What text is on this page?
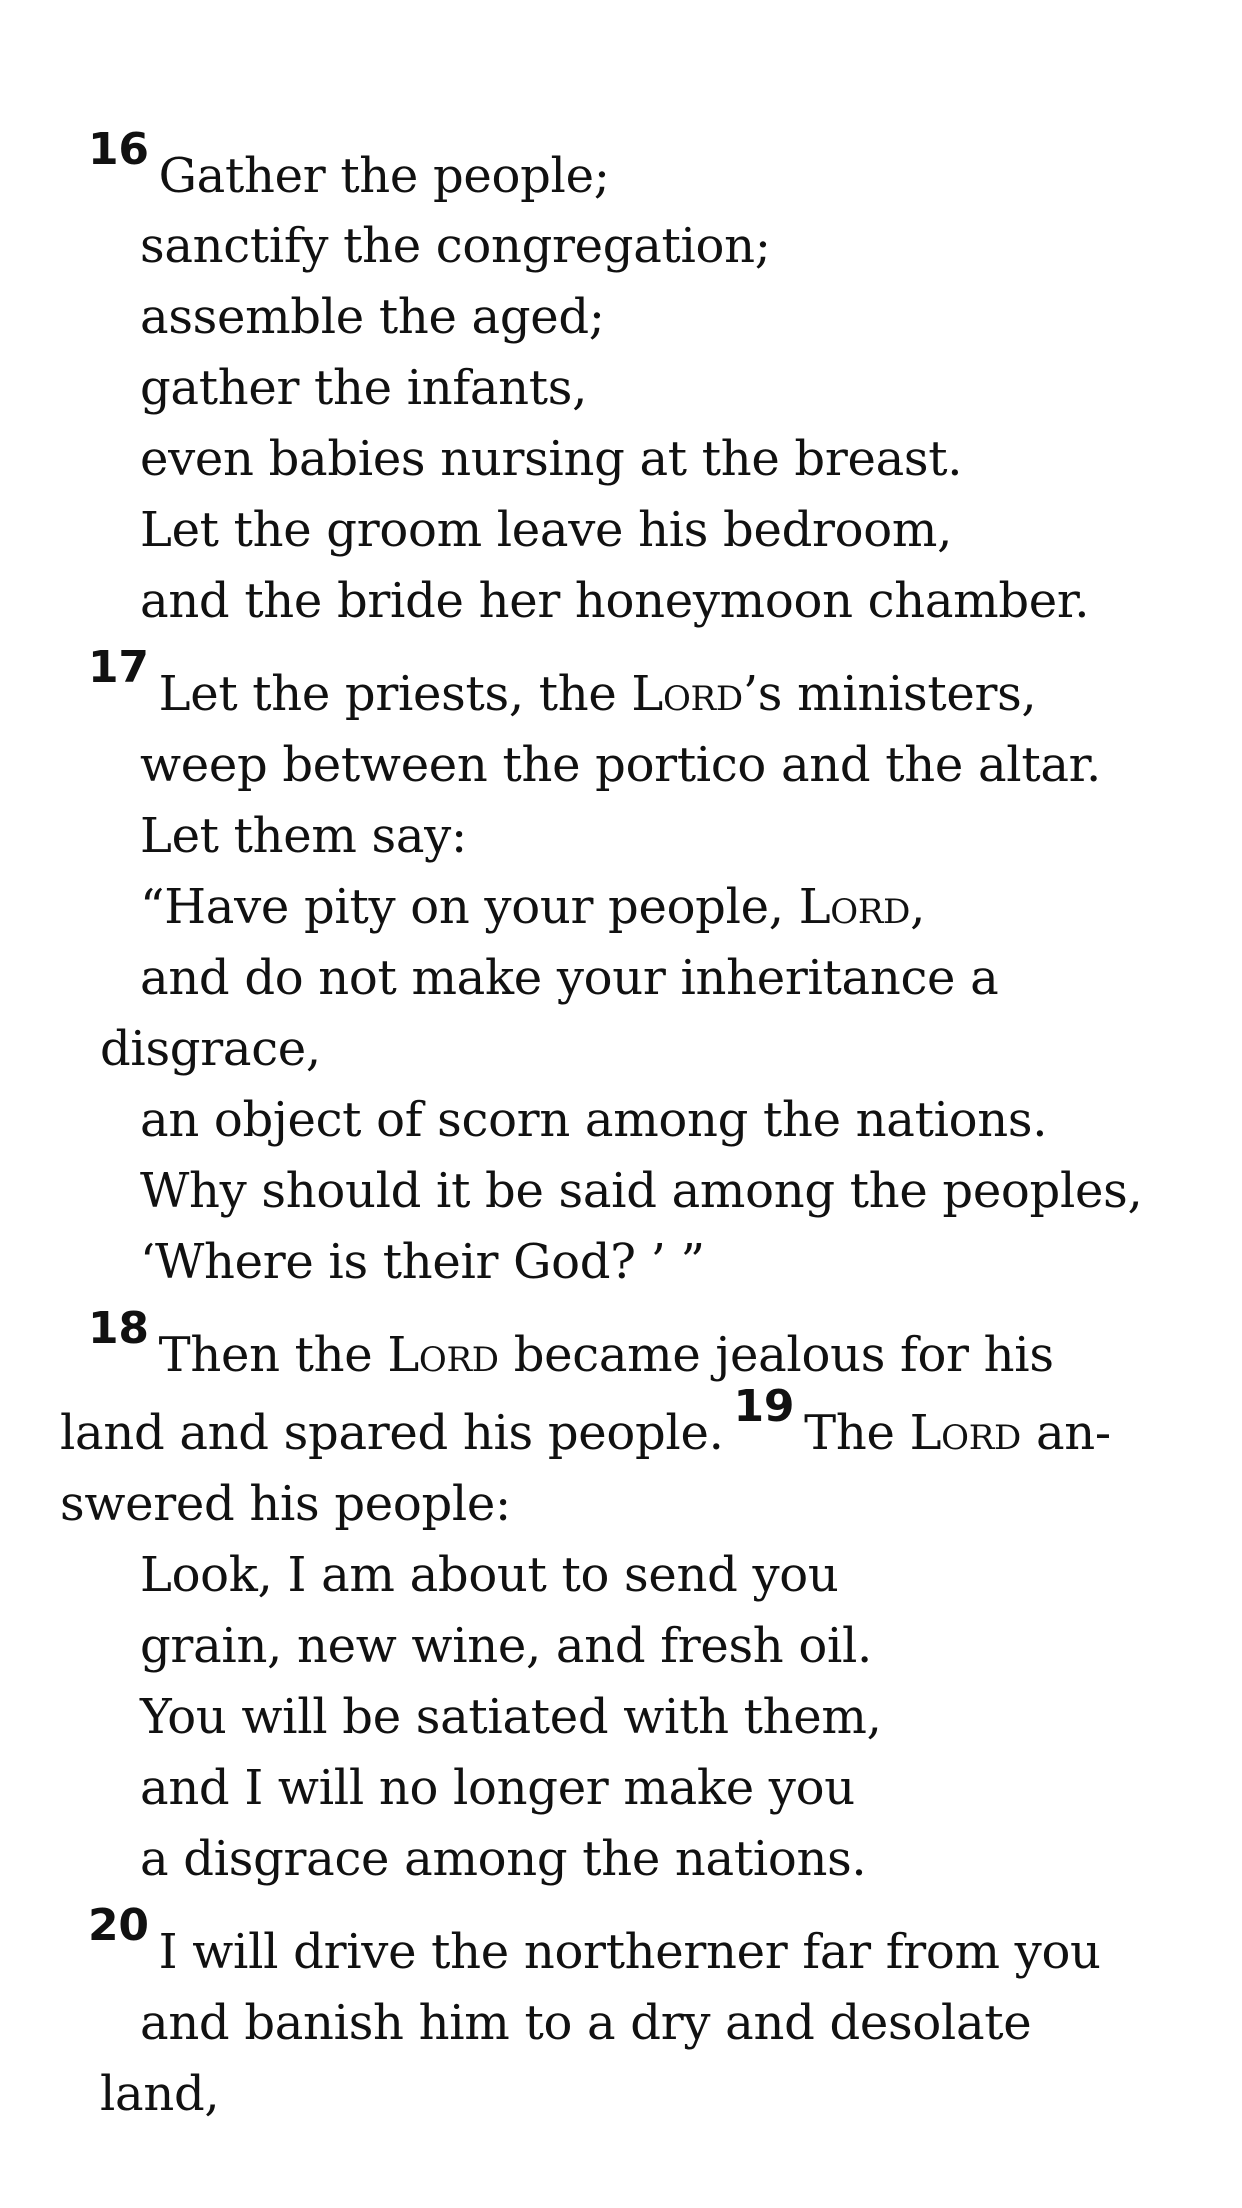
16 Gather the people;
sanctify the congregation;
assemble the aged;
gather the infants,
even babies nursing at the breast.
Let the groom leave his bedroom,
and the bride her honeymoon chamber.
17 Let the priests, the Lord’s ministers,
weep between the portico and the altar.
Let them say:
“Have pity on your people, Lord,
and do not make your inheritance a
disgrace,
an object of scorn among the nations.
Why should it be said among the peoples,
‘Where is their God? ’ ”
18 Then the Lord became jealous for his
land and spared his people. 19 The Lord an-
swered his people:
Look, I am about to send you
grain, new wine, and fresh oil.
You will be satiated with them,
and I will no longer make you
a disgrace among the nations.
20 I will drive the northerner far from you
and banish him to a dry and desolate
land,
